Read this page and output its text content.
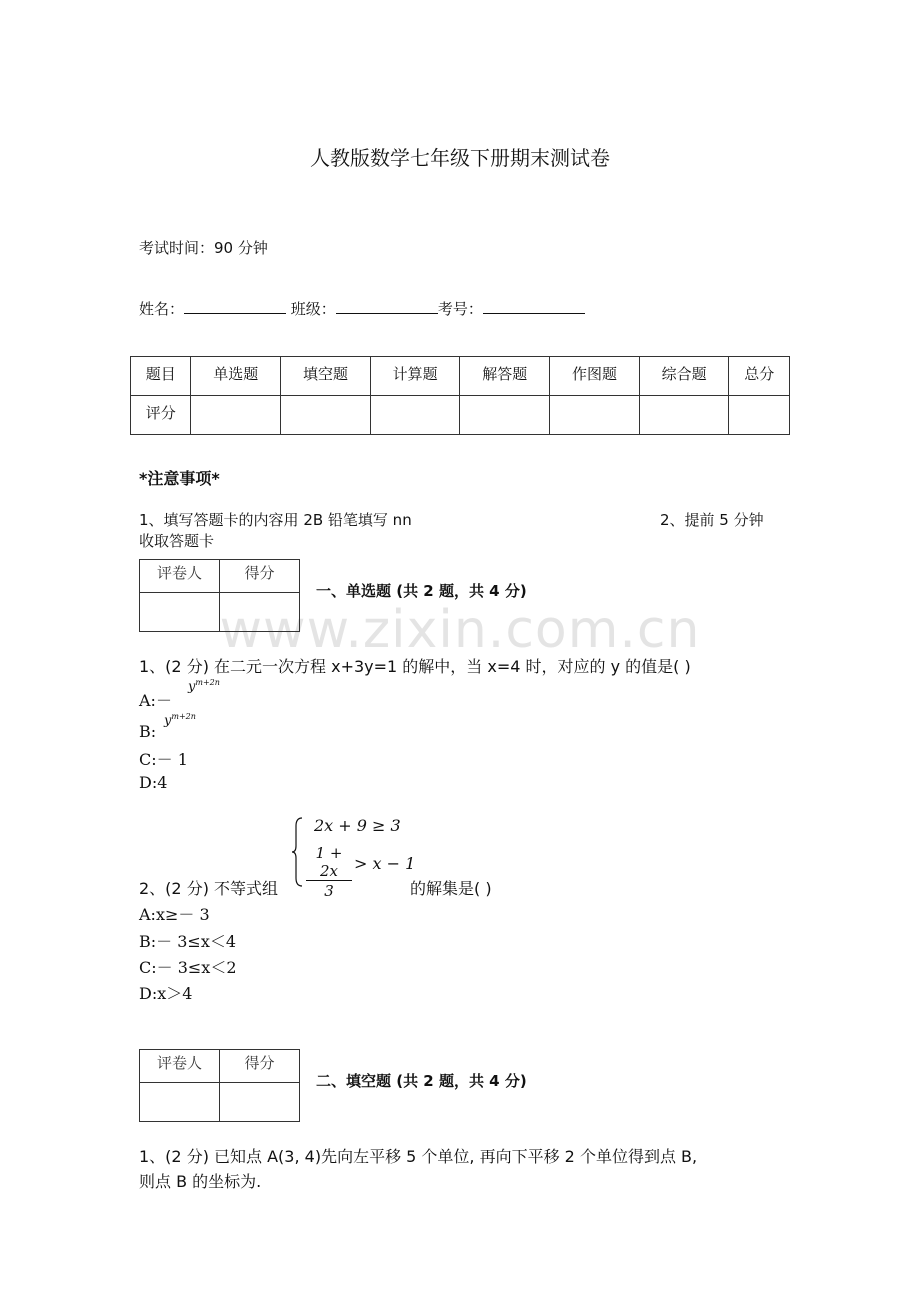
www.zixin.com.cn
人教版数学七年级下册期末测试卷
考试时间：90 分钟
姓名：	班级：	考号：
题目	单选题	填空题	计算题	解答题	作图题	综合题	总分
评分							
*注意事项*
1、填写答题卡的内容用 2B 铅笔填写 nn	2、提前 5 分钟
收取答题卡
评卷人	得分

一、单选题 (共 2 题，共 4 分)
1、(2 分) 在二元一次方程 x+3y=1 的解中，当 x=4 时，对应的 y 的值是( )
A:－
$y^{m+2n}$
B:
$y^{m+2n}$
C:－ 1
D:4
2x + 9 ≥ 3
$\frac{1 + 2x}{3} > x - 1$
2、(2 分) 不等式组	的解集是( )
A:x≥－ 3
B:－ 3≤x＜4
C:－ 3≤x＜2
D:x＞4
评卷人	得分

二、填空题 (共 2 题，共 4 分)
1、(2 分) 已知点 A(3, 4)先向左平移 5 个单位, 再向下平移 2 个单位得到点 B,
则点 B 的坐标为.
